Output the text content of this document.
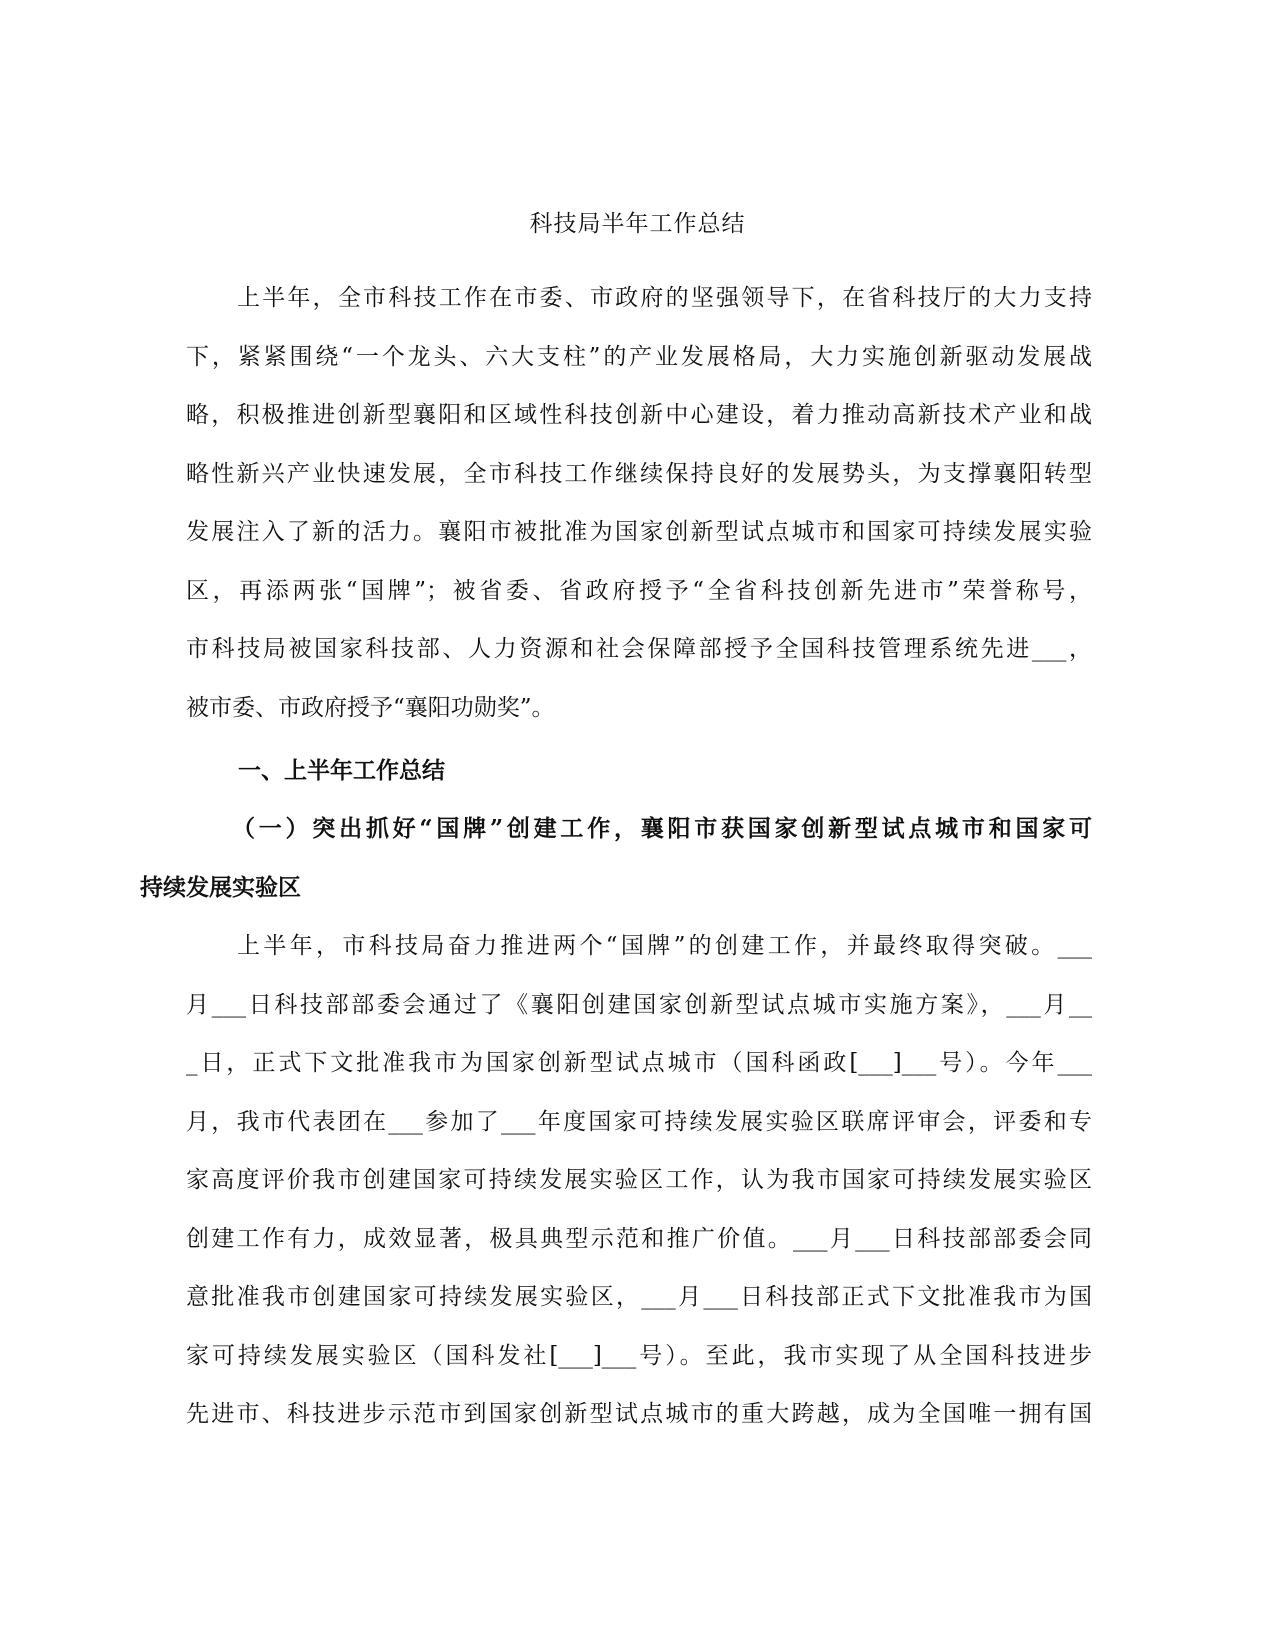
科技局半年工作总结
上半年，全市科技工作在市委、市政府的坚强领导下，在省科技厅的大力支持
下，紧紧围绕“一个龙头、六大支柱”的产业发展格局，大力实施创新驱动发展战
略，积极推进创新型襄阳和区域性科技创新中心建设，着力推动高新技术产业和战
略性新兴产业快速发展，全市科技工作继续保持良好的发展势头，为支撑襄阳转型
发展注入了新的活力。襄阳市被批准为国家创新型试点城市和国家可持续发展实验
区，再添两张“国牌”；被省委、省政府授予“全省科技创新先进市”荣誉称号，
市科技局被国家科技部、人力资源和社会保障部授予全国科技管理系统先进___，
被市委、市政府授予“襄阳功勋奖”。
一、上半年工作总结
（一）突出抓好“国牌”创建工作，襄阳市获国家创新型试点城市和国家可
持续发展实验区
上半年，市科技局奋力推进两个“国牌”的创建工作，并最终取得突破。___
月___日科技部部委会通过了《襄阳创建国家创新型试点城市实施方案》，___月__
_日，正式下文批准我市为国家创新型试点城市（国科函政[___]___号）。今年___
月，我市代表团在___参加了___年度国家可持续发展实验区联席评审会，评委和专
家高度评价我市创建国家可持续发展实验区工作，认为我市国家可持续发展实验区
创建工作有力，成效显著，极具典型示范和推广价值。___月___日科技部部委会同
意批准我市创建国家可持续发展实验区，___月___日科技部正式下文批准我市为国
家可持续发展实验区（国科发社[___]___号）。至此，我市实现了从全国科技进步
先进市、科技进步示范市到国家创新型试点城市的重大跨越，成为全国唯一拥有国
